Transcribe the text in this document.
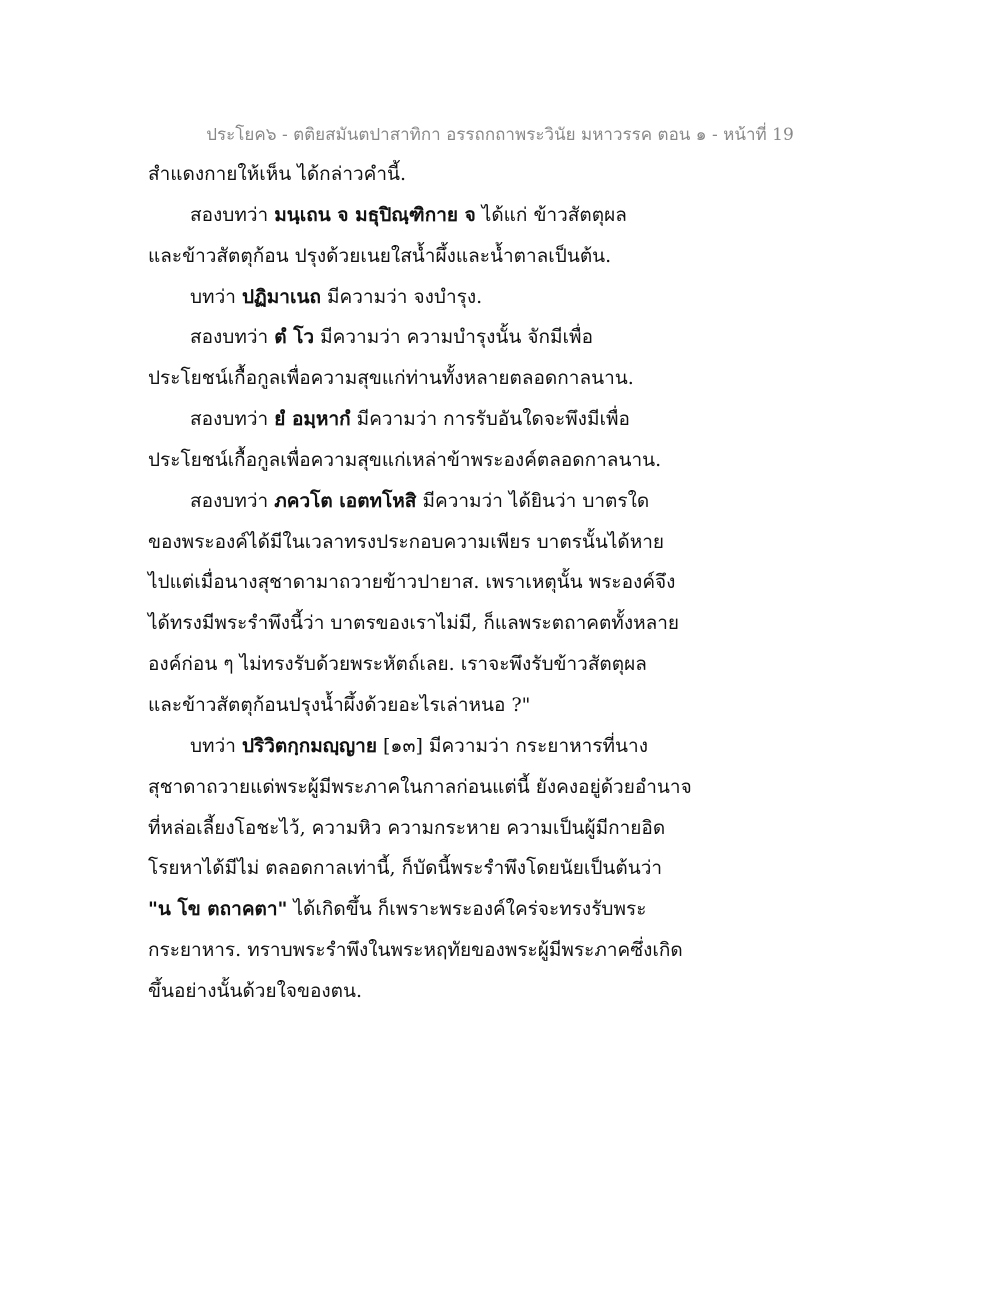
ประโยค๖ - ตติยสมันตปาสาทิกา อรรถกถาพระวินัย มหาวรรค ตอน ๑ - หน้าที่ 19
สำแดงกายให้เห็น ได้กล่าวคำนี้.
สองบทว่า มนฺเถน จ มธุปิณฺฑิกาย จ ได้แก่ ข้าวสัตตุผล
และข้าวสัตตุก้อน ปรุงด้วยเนยใสน้ำผึ้งและน้ำตาลเป็นต้น.
บทว่า ปฏิมาเนถ มีความว่า จงบำรุง.
สองบทว่า ตํ โว มีความว่า ความบำรุงนั้น จักมีเพื่อ
ประโยชน์เกื้อกูลเพื่อความสุขแก่ท่านทั้งหลายตลอดกาลนาน.
สองบทว่า ยํ อมฺหากํ มีความว่า การรับอันใดจะพึงมีเพื่อ
ประโยชน์เกื้อกูลเพื่อความสุขแก่เหล่าข้าพระองค์ตลอดกาลนาน.
สองบทว่า ภควโต เอตทโหสิ มีความว่า ได้ยินว่า บาตรใด
ของพระองค์ได้มีในเวลาทรงประกอบความเพียร บาตรนั้นได้หาย
ไปแต่เมื่อนางสุชาดามาถวายข้าวปายาส. เพราเหตุนั้น พระองค์จึง
ได้ทรงมีพระรำพึงนี้ว่า บาตรของเราไม่มี, ก็แลพระตถาคตทั้งหลาย
องค์ก่อน ๆ ไม่ทรงรับด้วยพระหัตถ์เลย. เราจะพึงรับข้าวสัตตุผล
และข้าวสัตตุก้อนปรุงน้ำผึ้งด้วยอะไรเล่าหนอ ?"
บทว่า ปริวิตกฺกมญฺญาย [๑๓] มีความว่า กระยาหารที่นาง
สุชาดาถวายแด่พระผู้มีพระภาคในกาลก่อนแต่นี้ ยังคงอยู่ด้วยอำนาจ
ที่หล่อเลี้ยงโอชะไว้, ความหิว ความกระหาย ความเป็นผู้มีกายอิด
โรยหาได้มีไม่ ตลอดกาลเท่านี้, ก็บัดนี้พระรำพึงโดยนัยเป็นต้นว่า
"น โข ตถาคตา" ได้เกิดขึ้น ก็เพราะพระองค์ใคร่จะทรงรับพระ
กระยาหาร. ทราบพระรำพึงในพระหฤทัยของพระผู้มีพระภาคซึ่งเกิด
ขึ้นอย่างนั้นด้วยใจของตน.
